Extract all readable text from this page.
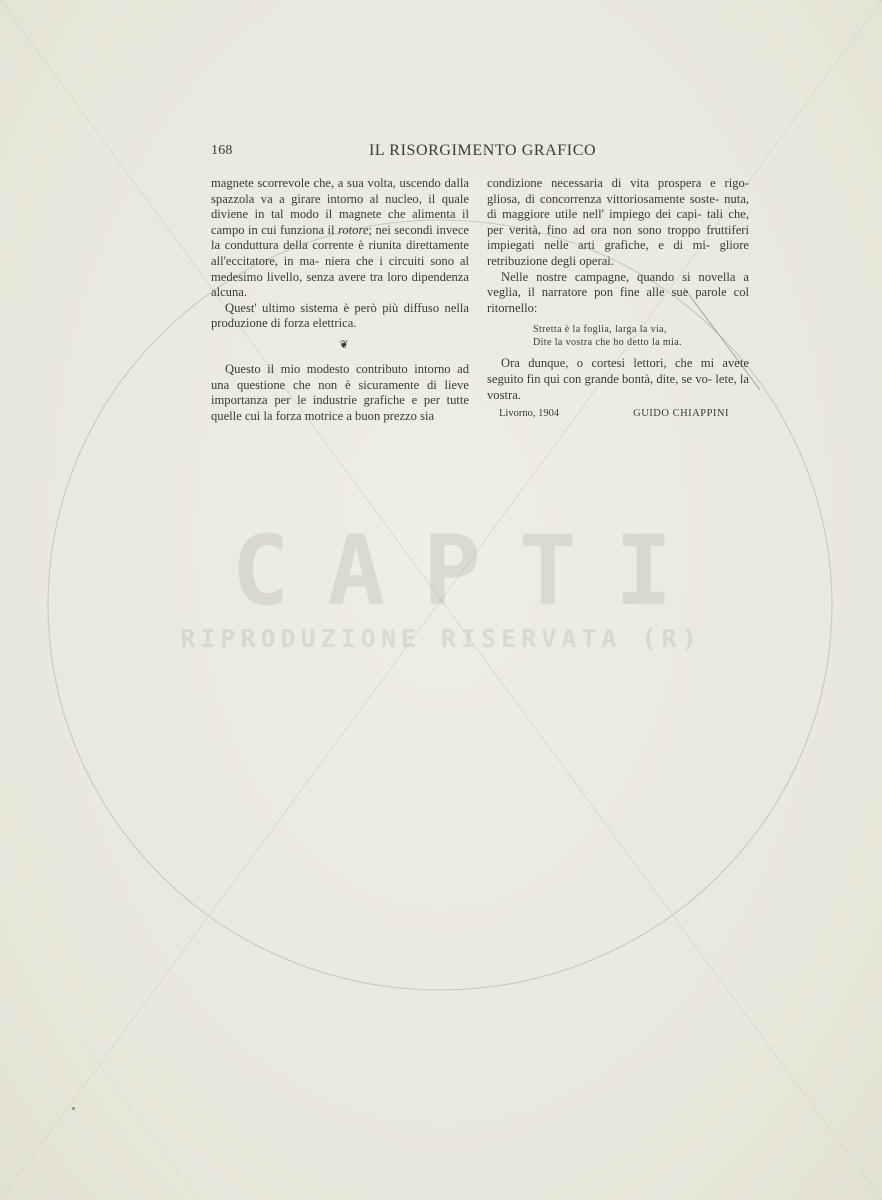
CAPTI
RIPRODUZIONE RISERVATA (R)
168	IL RISORGIMENTO GRAFICO

magnete scorrevole che, a sua volta, uscendo dalla spazzola va a girare intorno al nucleo, il quale diviene in tal modo il magnete che alimenta il campo in cui funziona il rotore; nei secondi invece la conduttura della corrente è riunita direttamente all'eccitatore, in ma- niera che i circuiti sono al medesimo livello, senza avere tra loro dipendenza alcuna.

Quest' ultimo sistema è però più diffuso nella produzione di forza elettrica.

❦

Questo il mio modesto contributo intorno ad una questione che non è sicuramente di lieve importanza per le industrie grafiche e per tutte quelle cui la forza motrice a buon prezzo sia

condizione necessaria di vita prospera e rigo- gliosa, di concorrenza vittoriosamente soste- nuta, di maggiore utile nell' impiego dei capi- tali che, per verità, fino ad ora non sono troppo fruttiferi impiegati nelle arti grafiche, e di mi- gliore retribuzione degli operai.

Nelle nostre campagne, quando si novella a veglia, il narratore pon fine alle sue parole col ritornello:

Stretta è la foglia, larga la via,
Dite la vostra che ho detto la mia.

Ora dunque, o cortesi lettori, che mi avete seguito fin qui con grande bontà, dite, se vo- lete, la vostra.

Livorno, 1904	GUIDO CHIAPPINI
